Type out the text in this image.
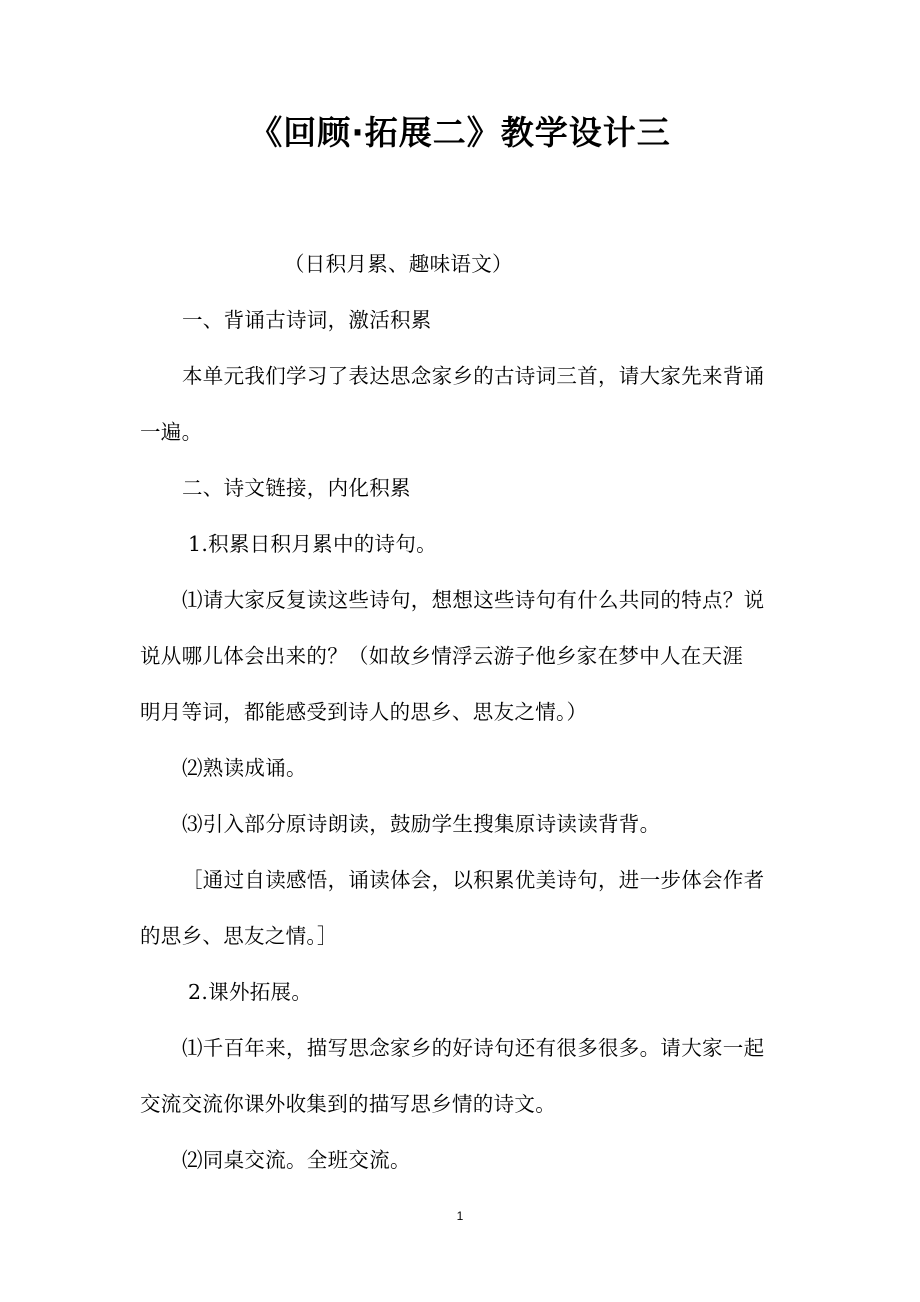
《回顾·拓展二》教学设计三
（日积月累、趣味语文）
一、背诵古诗词，激活积累
本单元我们学习了表达思念家乡的古诗词三首，请大家先来背诵
一遍。
二、诗文链接，内化积累
1.积累日积月累中的诗句。
⑴请大家反复读这些诗句，想想这些诗句有什么共同的特点？说
说从哪儿体会出来的？（如故乡情浮云游子他乡家在梦中人在天涯
明月等词，都能感受到诗人的思乡、思友之情。）
⑵熟读成诵。
⑶引入部分原诗朗读，鼓励学生搜集原诗读读背背。
［通过自读感悟，诵读体会，以积累优美诗句，进一步体会作者
的思乡、思友之情。］
2.课外拓展。
⑴千百年来，描写思念家乡的好诗句还有很多很多。请大家一起
交流交流你课外收集到的描写思乡情的诗文。
⑵同桌交流。全班交流。
1
